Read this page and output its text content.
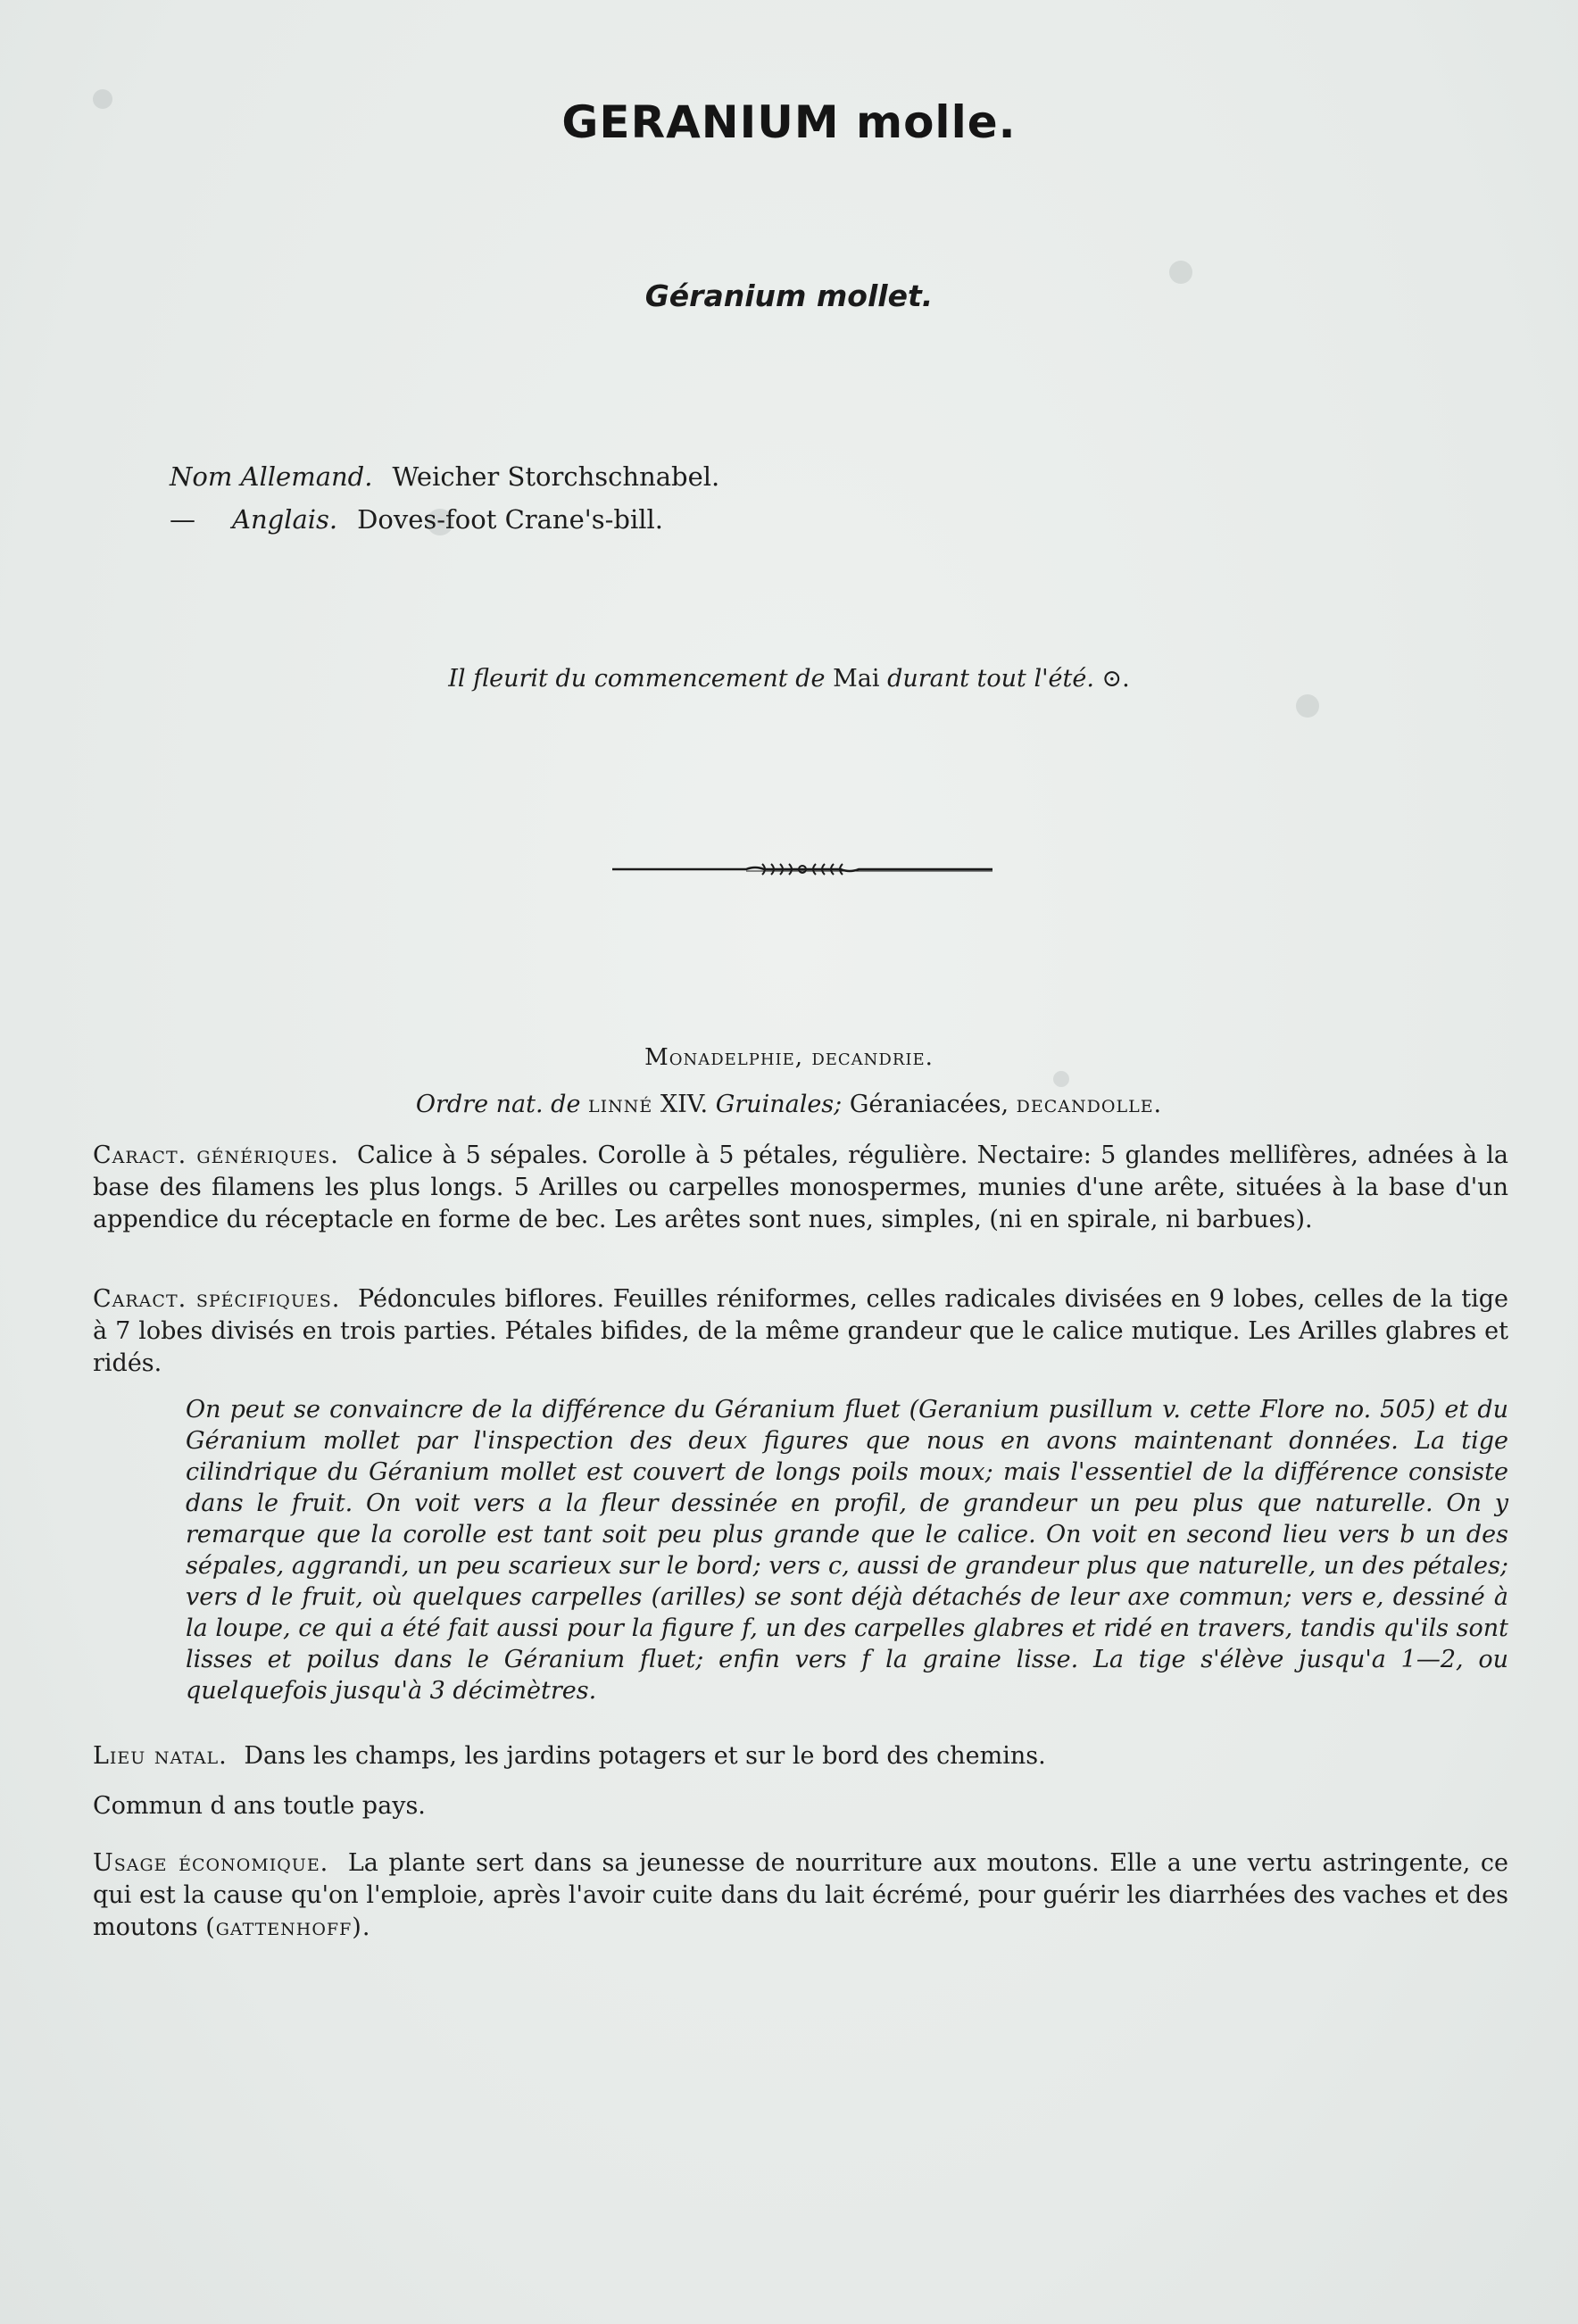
GERANIUM molle.
Géranium mollet.
Nom Allemand. Weicher Storchschnabel.
—	Anglais. Doves-foot Crane's-bill.
Il fleurit du commencement de Mai durant tout l'été. ⊙.
Monadelphie, decandrie.
Ordre nat. de linné XIV. Gruinales; Géraniacées, decandolle.
Caract. génériques. Calice à 5 sépales. Corolle à 5 pétales, régulière. Nectaire: 5 glandes mellifères, adnées à la base des filamens les plus longs. 5 Arilles ou carpelles monospermes, munies d'une arête, situées à la base d'un appendice du réceptacle en forme de bec. Les arêtes sont nues, simples, (ni en spirale, ni barbues).
Caract. spécifiques. Pédoncules biflores. Feuilles réniformes, celles radicales divisées en 9 lobes, celles de la tige à 7 lobes divisés en trois parties. Pétales bifides, de la même grandeur que le calice mutique. Les Arilles glabres et ridés.
On peut se convaincre de la différence du Géranium fluet (Geranium pusillum v. cette Flore no. 505) et du Géranium mollet par l'inspection des deux figures que nous en avons maintenant données. La tige cilindrique du Géranium mollet est couvert de longs poils moux; mais l'essentiel de la différence consiste dans le fruit. On voit vers a la fleur dessinée en profil, de grandeur un peu plus que naturelle. On y remarque que la corolle est tant soit peu plus grande que le calice. On voit en second lieu vers b un des sépales, aggrandi, un peu scarieux sur le bord; vers c, aussi de grandeur plus que naturelle, un des pétales; vers d le fruit, où quelques carpelles (arilles) se sont déjà détachés de leur axe commun; vers e, dessiné à la loupe, ce qui a été fait aussi pour la figure f, un des carpelles glabres et ridé en travers, tandis qu'ils sont lisses et poilus dans le Géranium fluet; enfin vers f la graine lisse. La tige s'élève jusqu'a 1—2, ou quelquefois jusqu'à 3 décimètres.
Lieu natal. Dans les champs, les jardins potagers et sur le bord des chemins.
Commun d ans toutle pays.
Usage économique. La plante sert dans sa jeunesse de nourriture aux moutons. Elle a une vertu astringente, ce qui est la cause qu'on l'emploie, après l'avoir cuite dans du lait écrémé, pour guérir les diarrhées des vaches et des moutons (gattenhoff).
